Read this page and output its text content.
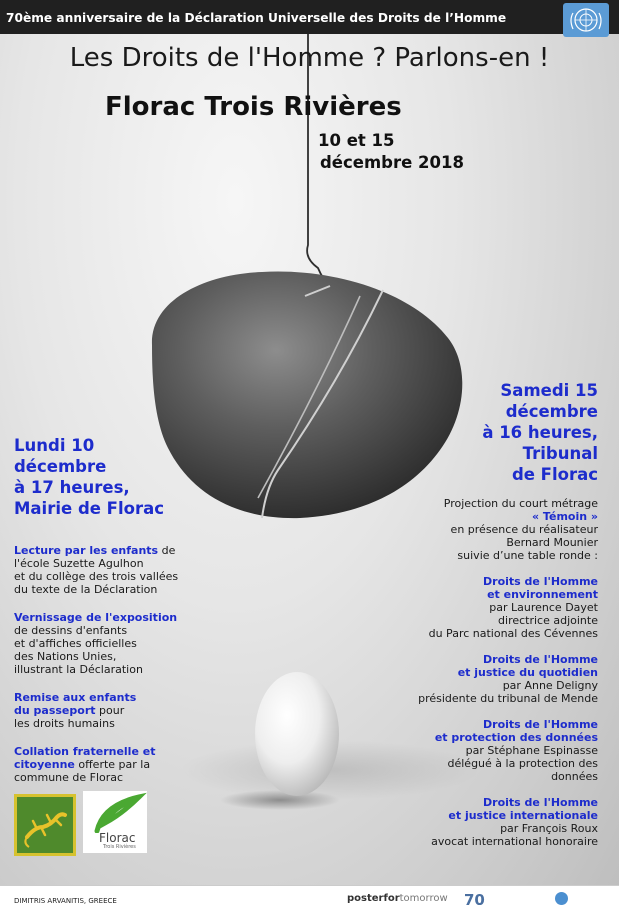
70ème anniversaire de la Déclaration Universelle des Droits de l’Homme
Les Droits de l'Homme ? Parlons-en !
Florac Trois Rivières
10 et 15
décembre 2018
Lundi 10
décembre
à 17 heures,
Mairie de Florac

Lecture par les enfants de
l'école Suzette Agulhon
et du collège des trois vallées
du texte de la Déclaration

Vernissage de l'exposition
de dessins d'enfants
et d'affiches officielles
des Nations Unies,
illustrant la Déclaration

Remise aux enfants
du passeport pour
les droits humains

Collation fraternelle et
citoyenne offerte par la
commune de Florac

Samedi 15
décembre
à 16 heures,
Tribunal
de Florac

Projection du court métrage
« Témoin »
en présence du réalisateur
Bernard Mounier
suivie d’une table ronde :

Droits de l'Homme
et environnement
par Laurence Dayet
directrice adjointe
du Parc national des Cévennes

Droits de l'Homme
et justice du quotidien
par Anne Deligny
présidente du tribunal de Mende

Droits de l'Homme
et protection des données
par Stéphane Espinasse
délégué à la protection des
données

Droits de l'Homme
et justice internationale
par François Roux
avocat international honoraire

Florac
Trois Rivières
DIMITRIS ARVANITIS, GREECE	posterfortomorrow 70
